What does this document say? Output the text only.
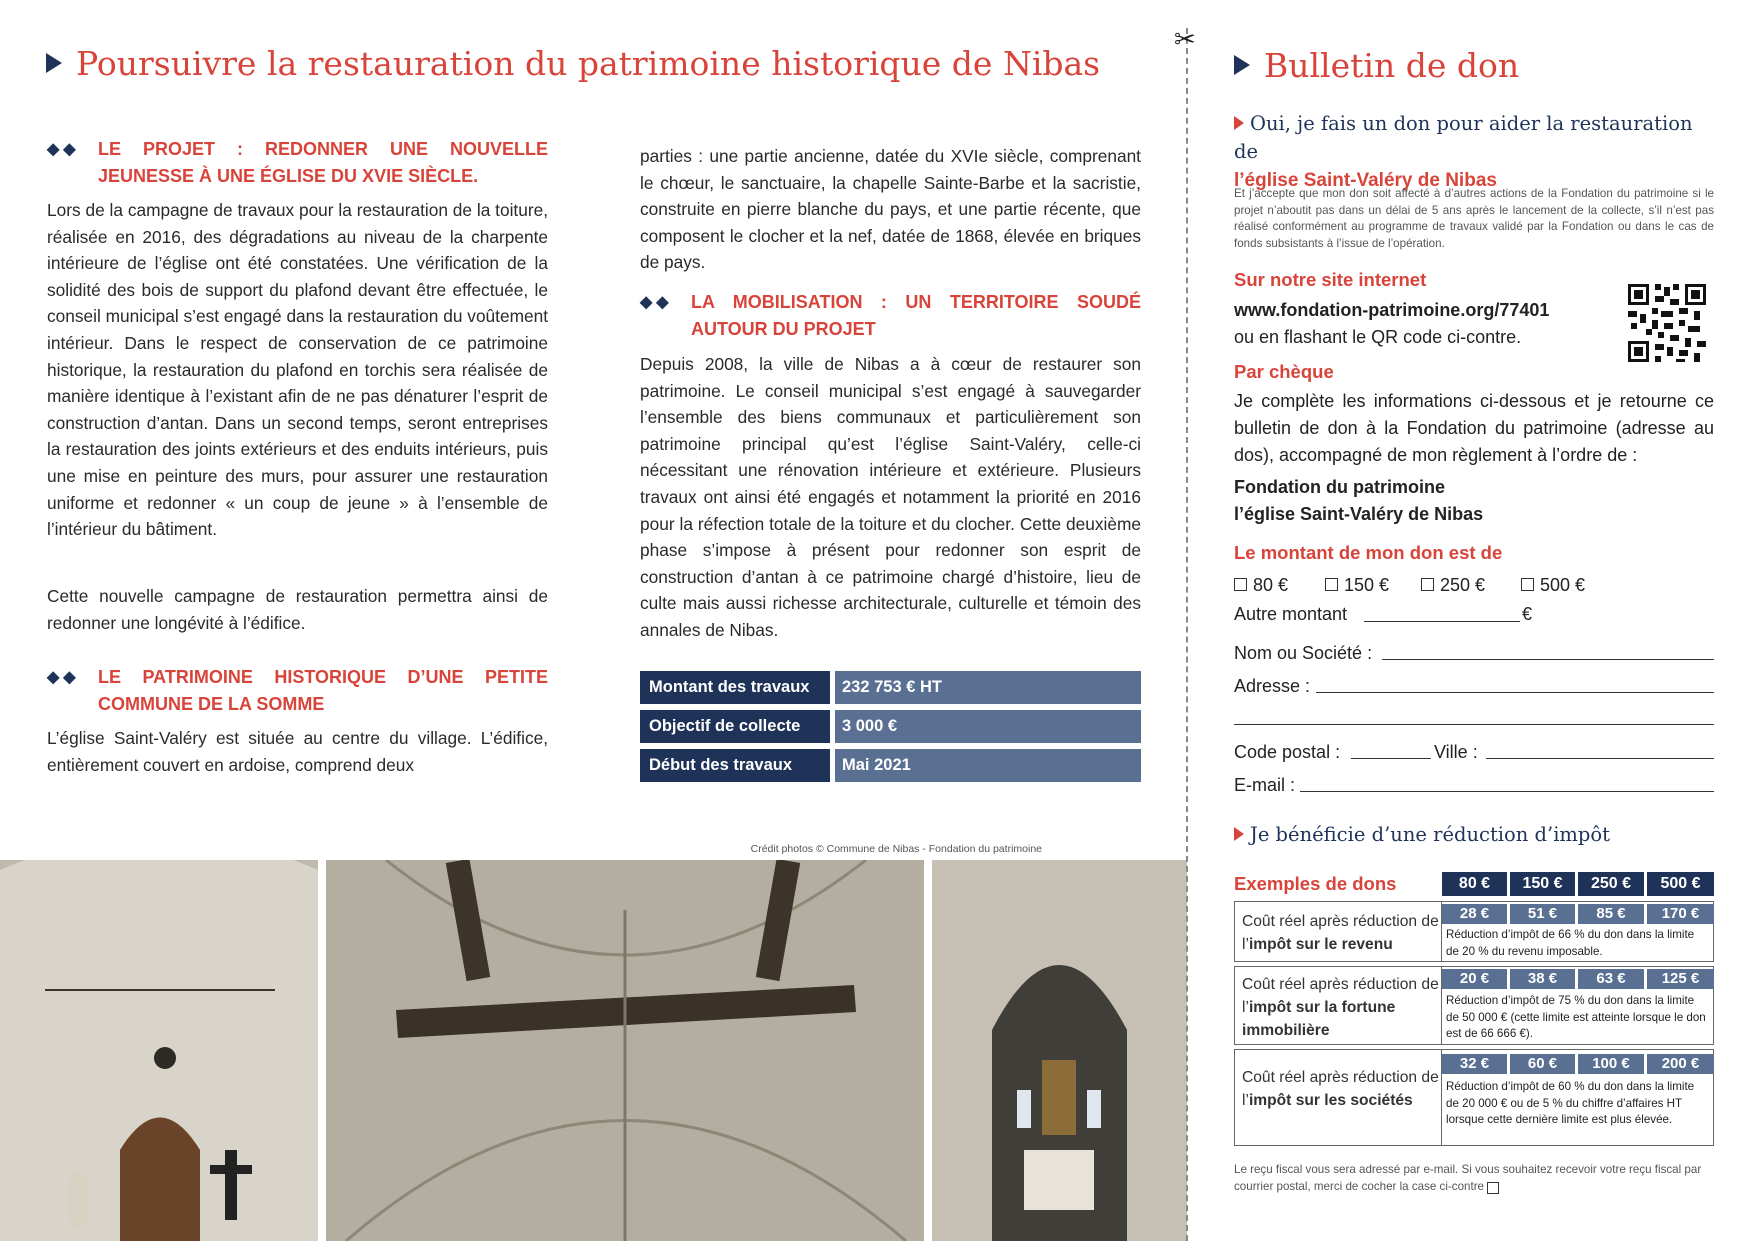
Poursuivre la restauration du patrimoine historique de Nibas
◆◆	LE PROJET : REDONNER UNE NOUVELLE JEUNESSE À UNE ÉGLISE DU XVIE SIÈCLE.
Lors de la campagne de travaux pour la restauration de la toiture, réalisée en 2016, des dégradations au niveau de la charpente intérieure de l’église ont été constatées. Une vérification de la solidité des bois de support du plafond devant être effectuée, le conseil municipal s’est engagé dans la restauration du voûtement intérieur. Dans le respect de conservation de ce patrimoine historique, la restauration du plafond en torchis sera réalisée de manière identique à l’existant afin de ne pas dénaturer l’esprit de construction d’antan. Dans un second temps, seront entreprises la restauration des joints extérieurs et des enduits intérieurs, puis une mise en peinture des murs, pour assurer une restauration uniforme et redonner « un coup de jeune » à l’ensemble de l’intérieur du bâtiment.
Cette nouvelle campagne de restauration permettra ainsi de redonner une longévité à l’édifice.
◆◆	LE PATRIMOINE HISTORIQUE D’UNE PETITE COMMUNE DE LA SOMME
L’église Saint-Valéry est située au centre du village. L’édifice, entièrement couvert en ardoise, comprend deux
parties : une partie ancienne, datée du XVIe siècle, comprenant le chœur, le sanctuaire, la chapelle Sainte-Barbe et la sacristie, construite en pierre blanche du pays, et une partie récente, que composent le clocher et la nef, datée de 1868, élevée en briques de pays.
◆◆	LA MOBILISATION : UN TERRITOIRE SOUDÉ AUTOUR DU PROJET
Depuis 2008, la ville de Nibas a à cœur de restaurer son patrimoine. Le conseil municipal s’est engagé à sauvegarder l’ensemble des biens communaux et particulièrement son patrimoine principal qu’est l’église Saint-Valéry, celle-ci nécessitant une rénovation intérieure et extérieure. Plusieurs travaux ont ainsi été engagés et notamment la priorité en 2016 pour la réfection totale de la toiture et du clocher. Cette deuxième phase s’impose à présent pour redonner son esprit de construction d’antan à ce patrimoine chargé d’histoire, lieu de culte mais aussi richesse architecturale, culturelle et témoin des annales de Nibas.
Montant des travaux	232 753 € HT
Objectif de collecte	3 000 €
Début des travaux	Mai 2021
Crédit photos © Commune de Nibas - Fondation du patrimoine
✂
Bulletin de don
Oui, je fais un don pour aider la restauration de
l’église Saint-Valéry de Nibas
Et j’accepte que mon don soit affecté à d’autres actions de la Fondation du patrimoine si le projet n’aboutit pas dans un délai de 5 ans après le lancement de la collecte, s’il n’est pas réalisé conformément au programme de travaux validé par la Fondation ou dans le cas de fonds subsistants à l’issue de l’opération.
Sur notre site internet
www.fondation-patrimoine.org/77401
ou en flashant le QR code ci-contre.
Par chèque
Je complète les informations ci-dessous et je retourne ce bulletin de don à la Fondation du patrimoine (adresse au dos), accompagné de mon règlement à l’ordre de :
Fondation du patrimoine
l’église Saint-Valéry de Nibas
Le montant de mon don est de
80 €	150 €	250 €	500 €
Autre montant	€
Nom ou Société :
Adresse :
Code postal :	Ville :
E-mail :
Je bénéficie d’une réduction d’impôt
Exemples de dons	80 €	150 €	250 €	500 €
Coût réel après réduction de l’impôt sur le revenu
28 €	51 €	85 €	170 €
Réduction d’impôt de 66 % du don dans la limite de 20 % du revenu imposable.
Coût réel après réduction de l’impôt sur la fortune immobilière
20 €	38 €	63 €	125 €
Réduction d’impôt de 75 % du don dans la limite de 50 000 € (cette limite est atteinte lorsque le don est de 66 666 €).
Coût réel après réduction de l’impôt sur les sociétés
32 €	60 €	100 €	200 €
Réduction d’impôt de 60 % du don dans la limite de 20 000 € ou de 5 % du chiffre d’affaires HT lorsque cette dernière limite est plus élevée.
Le reçu fiscal vous sera adressé par e-mail. Si vous souhaitez recevoir votre reçu fiscal par courrier postal, merci de cocher la case ci-contre
